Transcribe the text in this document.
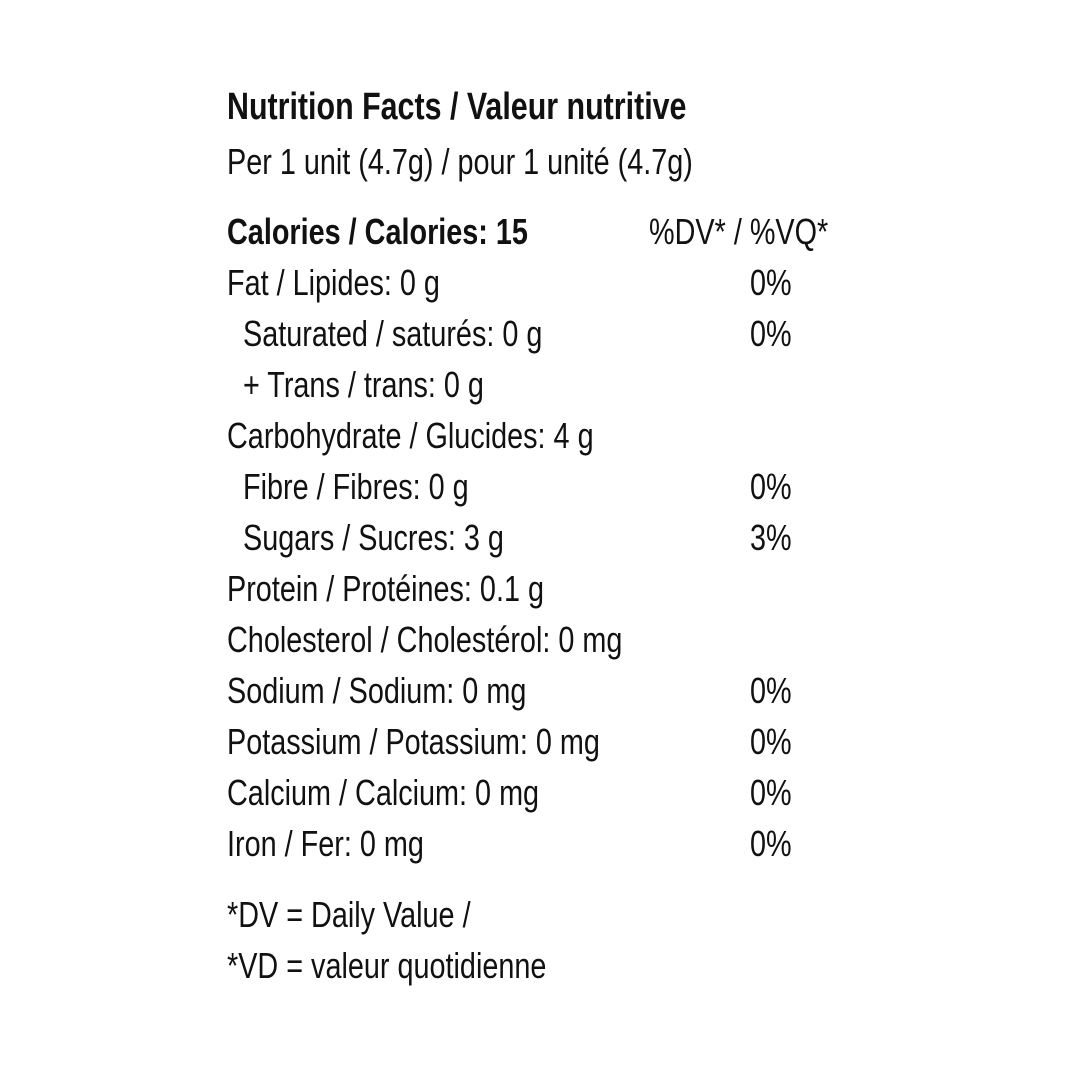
Nutrition Facts / Valeur nutritive
Per 1 unit (4.7g) / pour 1 unité (4.7g)
Calories / Calories: 15	%DV* / %VQ*
Fat / Lipides: 0 g	0%
Saturated / saturés: 0 g	0%
+ Trans / trans: 0 g
Carbohydrate / Glucides: 4 g
Fibre / Fibres: 0 g	0%
Sugars / Sucres: 3 g	3%
Protein / Protéines: 0.1 g
Cholesterol / Cholestérol: 0 mg
Sodium / Sodium: 0 mg	0%
Potassium / Potassium: 0 mg	0%
Calcium / Calcium: 0 mg	0%
Iron / Fer: 0 mg	0%
*DV = Daily Value /
*VD = valeur quotidienne
